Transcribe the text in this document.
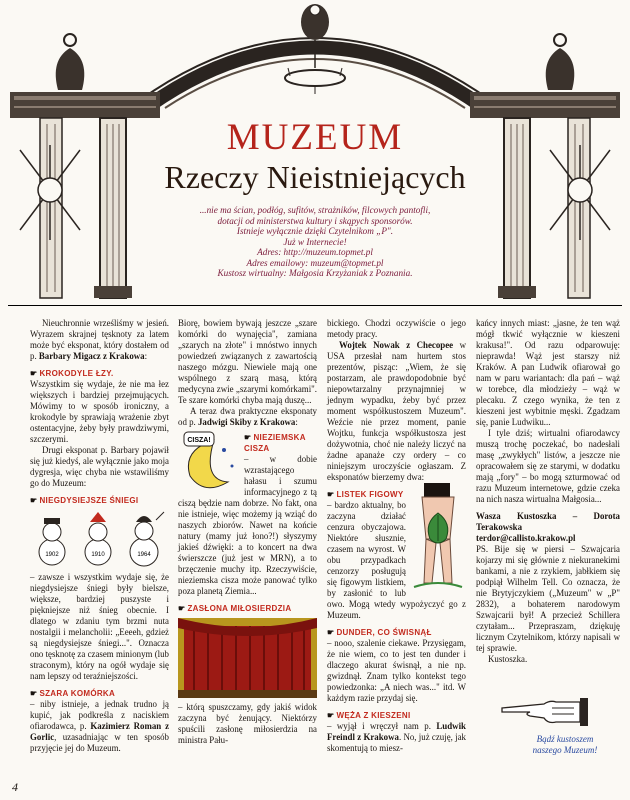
MUZEUM
Rzeczy Nieistniejących
...nie ma ścian, podłóg, sufitów, strażników, filcowych pantofli,
dotacji od ministerstwa kultury i skąpych sponsorów.
Istnieje wyłącznie dzięki Czytelnikom „P".
Już w Internecie!
Adres: http://muzeum.topmet.pl
Adres emailowy: muzeum@topmet.pl
Kustosz wirtualny: Małgosia Krzyżaniak z Poznania.

Nieuchronnie wrześliśmy w jesień. Wyrazem skrajnej tęsknoty za latem może być eksponat, który dostałem od p. Barbary Migacz z Krakowa:

☛ KROKODYLE ŁZY.

Wszystkim się wydaje, że nie ma łez większych i bardziej przejmujących. Mówimy to w sposób ironiczny, a krokodyle by sprawiają wrażenie zbyt ostentacyjne, żeby były prawdziwymi, szczerymi.

Drugi eksponat p. Barbary pojawił się już kiedyś, ale wyłącznie jako moja dygresja, więc chyba nie wstawiliśmy go do Muzeum:

☛ NIEGDYSIEJSZE ŚNIEGI
1902	1910	1964

– zawsze i wszystkim wydaje się, że niegdysiejsze śniegi były bielsze, większe, bardziej puszyste i piękniejsze niż śnieg obecnie. I dlatego w zdaniu tym brzmi nuta nostalgii i melancholii: „Eeeeh, gdzież są niegdysiejsze śniegi...". Oznacza ono tęsknotę za czasem minionym (lub straconym), który na ogół wydaje się nam lepszy od teraźniejszości.

☛ SZARA KOMÓRKA

– niby istnieje, a jednak trudno ją kupić, jak podkreśla z naciskiem ofiarodawca, p. Kazimierz Roman z Gorlic, uzasadniając w ten sposób przyjęcie jej do Muzeum.

Biorę, bowiem bywają jeszcze „szare komórki do wynajęcia", zamiana „szarych na złote" i mnóstwo innych powiedzeń związanych z zawartością naszego mózgu. Niewiele mają one wspólnego z szarą masą, którą medycyna zwie „szarymi komórkami". Te szare komórki chyba mają duszę...

A teraz dwa praktyczne eksponaty od p. Jadwigi Skiby z Krakowa:

CISZA!	☛ NIEZIEMSKA CISZA

– w dobie wzrastającego hałasu i szumu informacyjnego z tą ciszą będzie nam dobrze. No fakt, ona nie istnieje, więc możemy ją wziąć do naszych zbiorów. Nawet na końcie natury (mamy już łono?!) słyszymy jakieś dźwięki: a to koncert na dwa świerszcze (już jest w MRN), a to brzęczenie muchy itp. Rzeczywiście, nieziemska cisza może panować tylko poza planetą Ziemia...

☛ ZASŁONA MIŁOSIERDZIA

– którą spuszczamy, gdy jakiś widok zaczyna być żenujący. Niektórzy spuścili zasłonę miłosierdzia na ministra Pału-

bickiego. Chodzi oczywiście o jego metody pracy.

Wojtek Nowak z Checopee w USA przesłał nam hurtem stos prezentów, pisząc: „Wiem, że się postarzam, ale prawdopodobnie być niepowtarzalny przynajmniej w jednym wypadku, żeby być przez moment współkustoszem Muzeum". Weźcie nie przez moment, panie Wojtku, funkcja współkustosza jest dożywotnia, choć nie należy liczyć na żadne apanaże czy ordery – co niniejszym uroczyście ogłaszam. Z eksponatów bierzemy dwa:

☛ LISTEK FIGOWY

– bardzo aktualny, bo zaczyna działać cenzura obyczajowa. Niektóre słusznie, czasem na wyrost. W obu przypadkach cenzorzy posługują się figowym listkiem, by zasłonić to lub owo. Mogą wtedy wypożyczyć go z Muzeum.

☛ DUNDER, CO ŚWISNĄŁ

– nooo, szalenie ciekawe. Przysięgam, że nie wiem, co to jest ten dunder i dlaczego akurat świsnął, a nie np. gwizdnął. Znam tylko kontekst tego powiedzonka: „A niech was..." itd. W każdym razie przydaj się.

☛ WĘŻA Z KIESZENI

– wyjął i wręczył nam p. Ludwik Freindl z Krakowa. No, już czuję, jak skomentują to miesz-

kańcy innych miast: „jasne, że ten wąż mógł tkwić wyłącznie w kieszeni krakusa!". Od razu odparowuję: nieprawda! Wąż jest starszy niż Kraków. A pan Ludwik ofiarował go nam w paru wariantach: dla pań – wąż w torebce, dla młodzieży – wąż w plecaku. Z czego wynika, że ten z kieszeni jest wybitnie męski. Zgadzam się, panie Ludwiku...

I tyle dziś; wirtualni ofiarodawcy muszą trochę poczekać, bo nadesłali masę „zwykłych" listów, a jeszcze nie opracowałem się ze starymi, w dodatku mają „fory" – bo mogą szturmować od razu Muzeum internetowe, gdzie czeka na nich nasza wirtualna Małgosia...

Wasza Kustoszka – Dorota Terakowska

terdor@callisto.krakow.pl

PS. Bije się w piersi – Szwajcaria kojarzy mi się głównie z niekuranekimi bankami, a nie z rzykiem, jabłkiem się podpiął Wilhelm Tell. Co oznacza, że nie Brytyjczykiem („Muzeum" w „P" 2832), a bohaterem narodowym Szwajcarii był! A przecież Schillera czytałam... Przepraszam, dziękuję licznym Czytelnikom, którzy napisali w tej sprawie.

Kustoszka.

Bądź kustoszem
naszego Muzeum!
4
